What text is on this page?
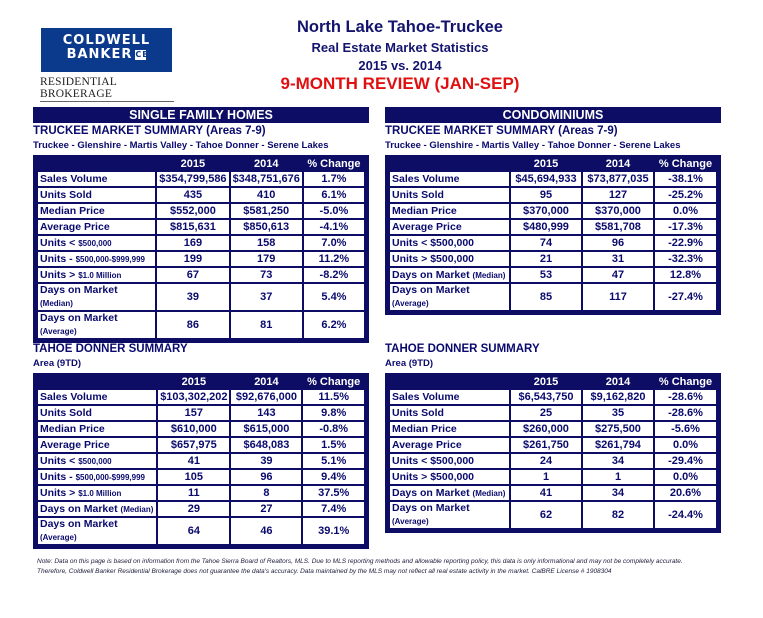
COLDWELL
BANKER CB
RESIDENTIAL BROKERAGE
North Lake Tahoe-Truckee
Real Estate Market Statistics
2015 vs. 2014
9-MONTH REVIEW (JAN-SEP)
SINGLE FAMILY HOMES
TRUCKEE MARKET SUMMARY (Areas 7-9)
Truckee - Glenshire - Martis Valley - Tahoe Donner - Serene Lakes
	2015	2014	% Change
Sales Volume	$354,799,586	$348,751,676	1.7%
Units Sold	435	410	6.1%
Median Price	$552,000	$581,250	-5.0%
Average Price	$815,631	$850,613	-4.1%
Units < $500,000	169	158	7.0%
Units - $500,000-$999,999	199	179	11.2%
Units > $1.0 Million	67	73	-8.2%
Days on Market (Median)	39	37	5.4%
Days on Market (Average)	86	81	6.2%
TAHOE DONNER SUMMARY
Area (9TD)
	2015	2014	% Change
Sales Volume	$103,302,202	$92,676,000	11.5%
Units Sold	157	143	9.8%
Median Price	$610,000	$615,000	-0.8%
Average Price	$657,975	$648,083	1.5%
Units < $500,000	41	39	5.1%
Units - $500,000-$999,999	105	96	9.4%
Units > $1.0 Million	11	8	37.5%
Days on Market (Median)	29	27	7.4%
Days on Market (Average)	64	46	39.1%
CONDOMINIUMS
TRUCKEE MARKET SUMMARY (Areas 7-9)
Truckee - Glenshire - Martis Valley - Tahoe Donner - Serene Lakes
	2015	2014	% Change
Sales Volume	$45,694,933	$73,877,035	-38.1%
Units Sold	95	127	-25.2%
Median Price	$370,000	$370,000	0.0%
Average Price	$480,999	$581,708	-17.3%
Units < $500,000	74	96	-22.9%
Units > $500,000	21	31	-32.3%
Days on Market (Median)	53	47	12.8%
Days on Market (Average)	85	117	-27.4%
TAHOE DONNER SUMMARY
Area (9TD)
	2015	2014	% Change
Sales Volume	$6,543,750	$9,162,820	-28.6%
Units Sold	25	35	-28.6%
Median Price	$260,000	$275,500	-5.6%
Average Price	$261,750	$261,794	0.0%
Units < $500,000	24	34	-29.4%
Units > $500,000	1	1	0.0%
Days on Market (Median)	41	34	20.6%
Days on Market (Average)	62	82	-24.4%
Note: Data on this page is based on information from the Tahoe Sierra Board of Realtors, MLS. Due to MLS reporting methods and allowable reporting policy, this data is only informational and may not be completely accurate.
Therefore, Coldwell Banker Residential Brokerage does not guarantee the data's accuracy. Data maintained by the MLS may not reflect all real estate activity in the market. CalBRE License # 1908304
